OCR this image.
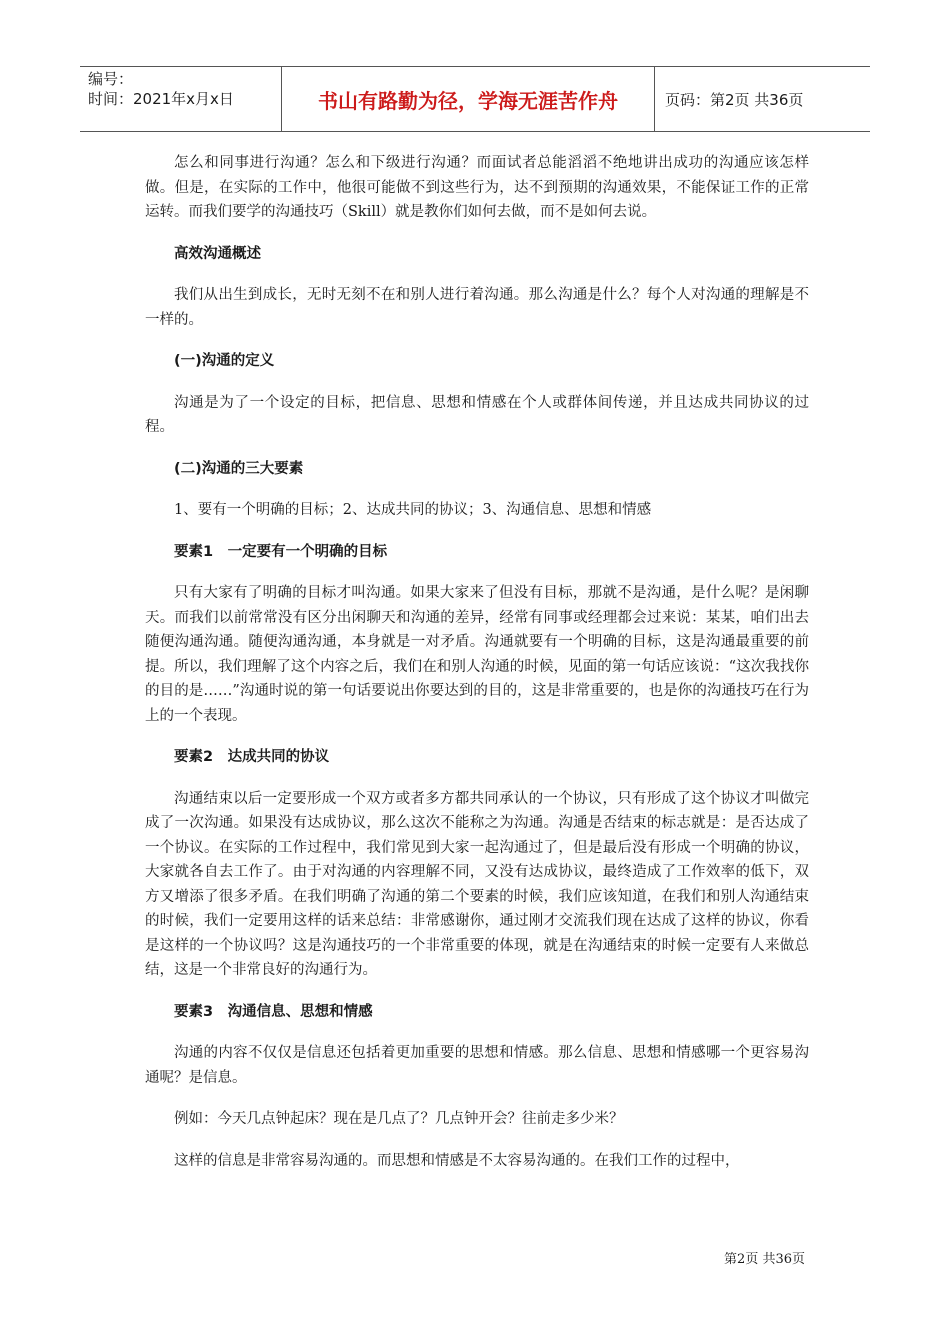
编号：
时间：2021年x月x日	书山有路勤为径，学海无涯苦作舟	页码：第2页 共36页

怎么和同事进行沟通？怎么和下级进行沟通？而面试者总能滔滔不绝地讲出成功的沟通应该怎样做。但是，在实际的工作中，他很可能做不到这些行为，达不到预期的沟通效果，不能保证工作的正常运转。而我们要学的沟通技巧（Skill）就是教你们如何去做，而不是如何去说。

高效沟通概述

我们从出生到成长，无时无刻不在和别人进行着沟通。那么沟通是什么？每个人对沟通的理解是不一样的。

(一)沟通的定义

沟通是为了一个设定的目标，把信息、思想和情感在个人或群体间传递，并且达成共同协议的过程。

(二)沟通的三大要素

1、要有一个明确的目标；2、达成共同的协议；3、沟通信息、思想和情感

要素1　一定要有一个明确的目标

只有大家有了明确的目标才叫沟通。如果大家来了但没有目标，那就不是沟通，是什么呢？是闲聊天。而我们以前常常没有区分出闲聊天和沟通的差异，经常有同事或经理都会过来说：某某，咱们出去随便沟通沟通。随便沟通沟通，本身就是一对矛盾。沟通就要有一个明确的目标，这是沟通最重要的前提。所以，我们理解了这个内容之后，我们在和别人沟通的时候，见面的第一句话应该说：“这次我找你的目的是……”沟通时说的第一句话要说出你要达到的目的，这是非常重要的，也是你的沟通技巧在行为上的一个表现。

要素2　达成共同的协议

沟通结束以后一定要形成一个双方或者多方都共同承认的一个协议，只有形成了这个协议才叫做完成了一次沟通。如果没有达成协议，那么这次不能称之为沟通。沟通是否结束的标志就是：是否达成了一个协议。在实际的工作过程中，我们常见到大家一起沟通过了，但是最后没有形成一个明确的协议，大家就各自去工作了。由于对沟通的内容理解不同，又没有达成协议，最终造成了工作效率的低下，双方又增添了很多矛盾。在我们明确了沟通的第二个要素的时候，我们应该知道，在我们和别人沟通结束的时候，我们一定要用这样的话来总结：非常感谢你，通过刚才交流我们现在达成了这样的协议，你看是这样的一个协议吗？这是沟通技巧的一个非常重要的体现，就是在沟通结束的时候一定要有人来做总结，这是一个非常良好的沟通行为。

要素3　沟通信息、思想和情感

沟通的内容不仅仅是信息还包括着更加重要的思想和情感。那么信息、思想和情感哪一个更容易沟通呢？是信息。

例如：今天几点钟起床？现在是几点了？几点钟开会？往前走多少米？

这样的信息是非常容易沟通的。而思想和情感是不太容易沟通的。在我们工作的过程中，

第2页 共36页
